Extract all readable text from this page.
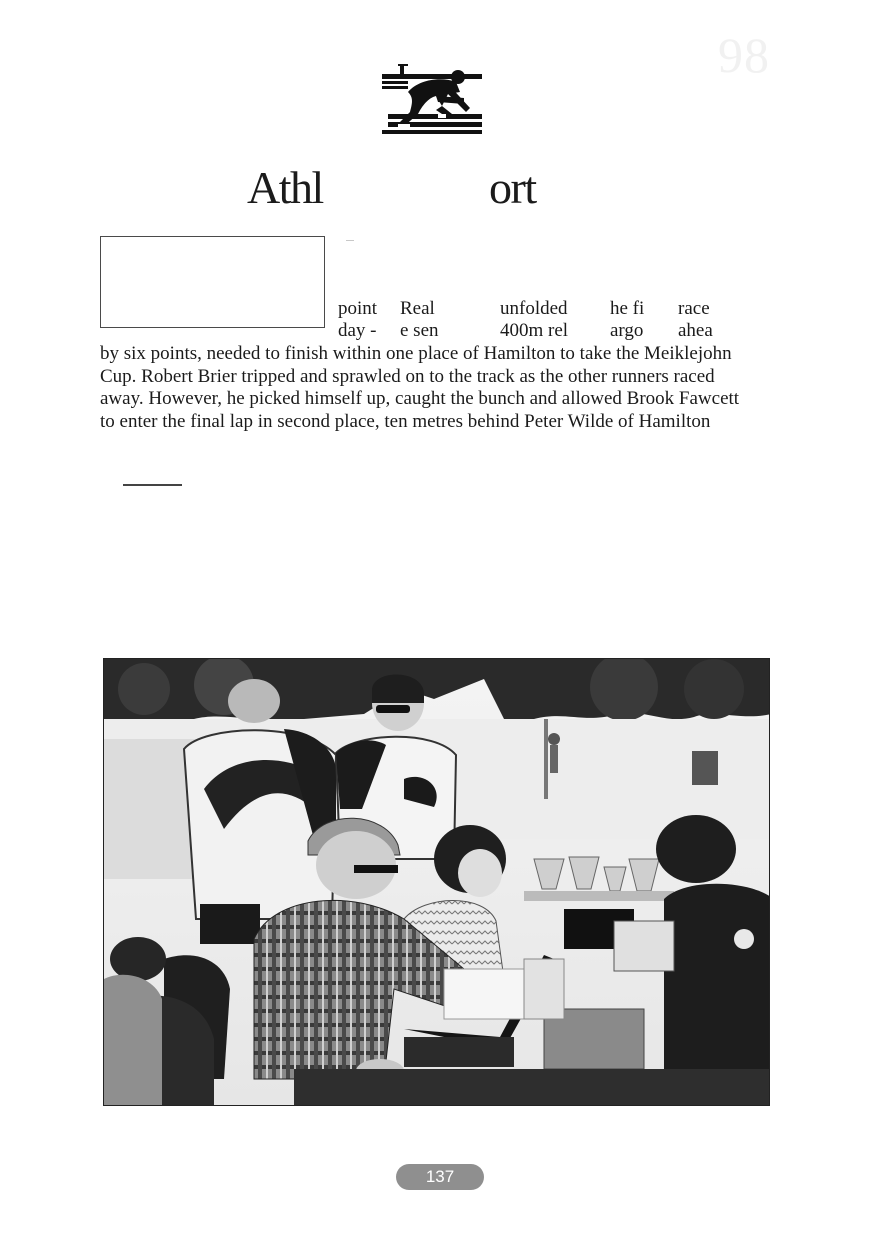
98
Athl	ort
point Real	unfolded he fi race
day - e sen	400m rel argo ahea
by six points, needed to finish within one place of Hamilton to take the Meiklejohn
Cup. Robert Brier tripped and sprawled on to the track as the other runners raced
away. However, he picked himself up, caught the bunch and allowed Brook Fawcett
to enter the final lap in second place, ten metres behind Peter Wilde of Hamilton
137
